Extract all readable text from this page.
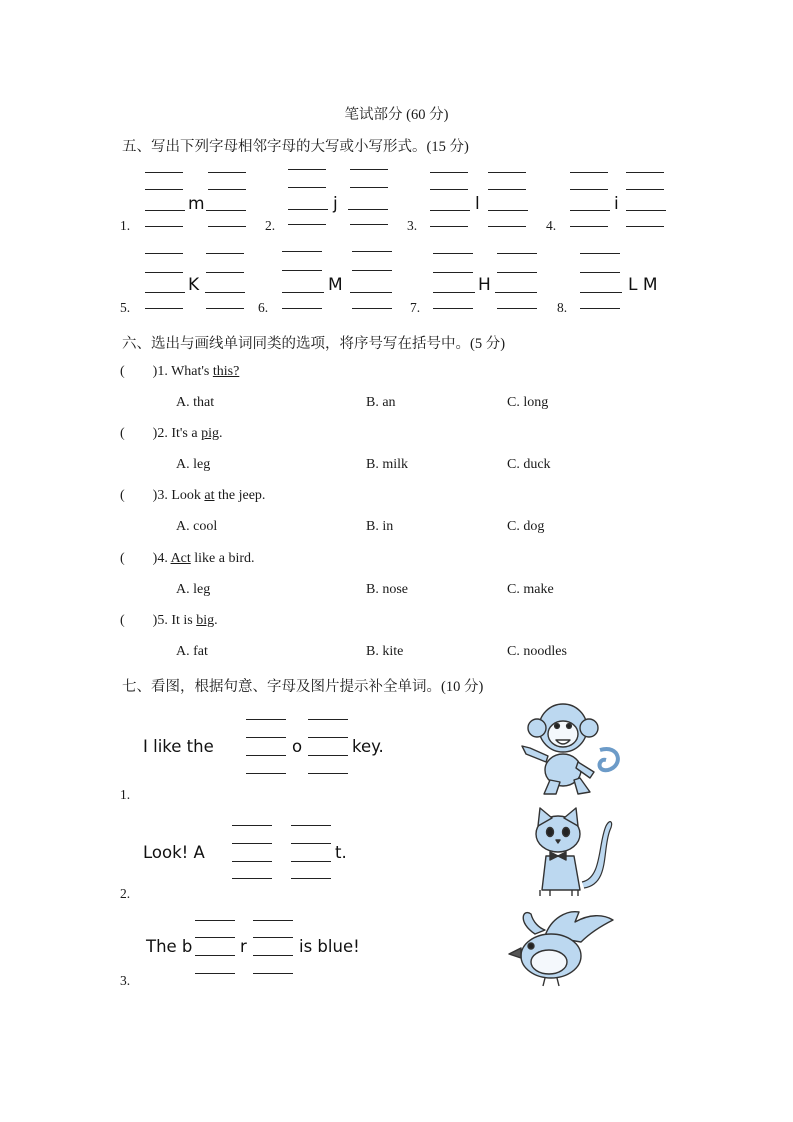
笔试部分 (60 分)
五、写出下列字母相邻字母的大写或小写形式。(15 分)
m
1.
j
2.
l
3.
i
4.
K
5.
M
6.
H
7.
L M
8.
六、选出与画线单词同类的选项，将序号写在括号中。(5 分)
(        )1. What's this?
A. that	B. an	C. long
(        )2. It's a pig.
A. leg	B. milk	C. duck
(        )3. Look at the jeep.
A. cool	B. in	C. dog
(        )4. Act like a bird.
A. leg	B. nose	C. make
(        )5. It is big.
A. fat	B. kite	C. noodles
七、看图，根据句意、字母及图片提示补全单词。(10 分)
I like the	o	key.
1.
Look! A	t.
2.
The b	r	is blue!
3.
